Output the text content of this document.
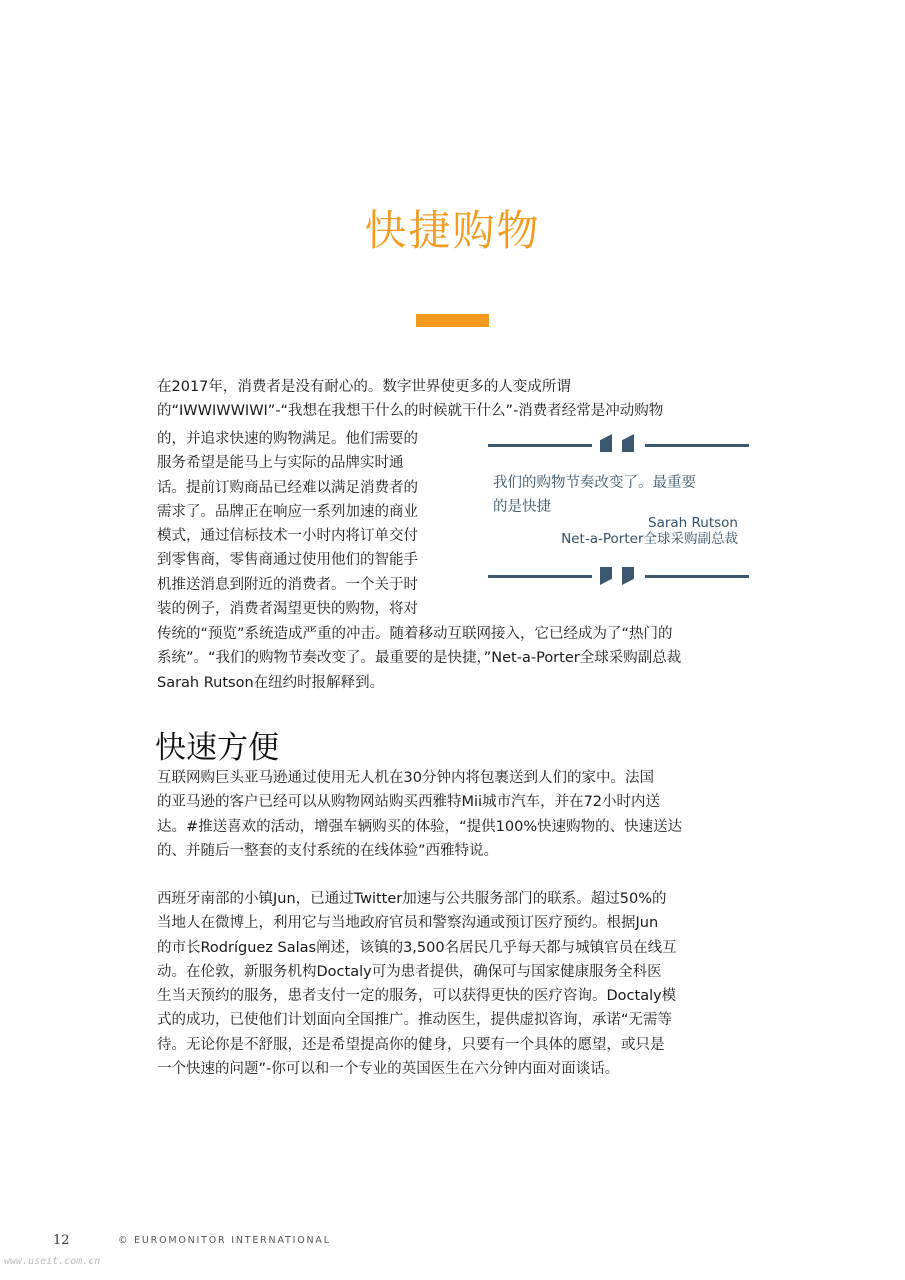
快捷购物
在2017年，消费者是没有耐心的。数字世界使更多的人变成所谓
的“IWWIWWIWI”-“我想在我想干什么的时候就干什么”-消费者经常是冲动购物
的，并追求快速的购物满足。他们需要的
服务希望是能马上与实际的品牌实时通
话。提前订购商品已经难以满足消费者的
需求了。品牌正在响应一系列加速的商业
模式，通过信标技术一小时内将订单交付
到零售商，零售商通过使用他们的智能手
机推送消息到附近的消费者。一个关于时
装的例子，消费者渴望更快的购物，将对
传统的“预览”系统造成严重的冲击。随着移动互联网接入，它已经成为了“热门的
系统”。“我们的购物节奏改变了。最重要的是快捷，”Net-a-Porter全球采购副总裁
Sarah Rutson在纽约时报解释到。
我们的购物节奏改变了。最重要
的是快捷
Sarah Rutson
Net-a-Porter全球采购副总裁
快速方便
互联网购巨头亚马逊通过使用无人机在30分钟内将包裹送到人们的家中。法国
的亚马逊的客户已经可以从购物网站购买西雅特Mii城市汽车，并在72小时内送
达。#推送喜欢的活动，增强车辆购买的体验，“提供100%快速购物的、快速送达
的、并随后一整套的支付系统的在线体验”西雅特说。
西班牙南部的小镇Jun，已通过Twitter加速与公共服务部门的联系。超过50%的
当地人在微博上，利用它与当地政府官员和警察沟通或预订医疗预约。根据Jun
的市长Rodríguez Salas阐述，该镇的3,500名居民几乎每天都与城镇官员在线互
动。在伦敦，新服务机构Doctaly可为患者提供，确保可与国家健康服务全科医
生当天预约的服务，患者支付一定的服务，可以获得更快的医疗咨询。Doctaly模
式的成功，已使他们计划面向全国推广。推动医生，提供虚拟咨询，承诺“无需等
待。无论你是不舒服，还是希望提高你的健身，只要有一个具体的愿望，或只是
一个快速的问题”-你可以和一个专业的英国医生在六分钟内面对面谈话。
12	© EUROMONITOR INTERNATIONAL
www.useit.com.cn
